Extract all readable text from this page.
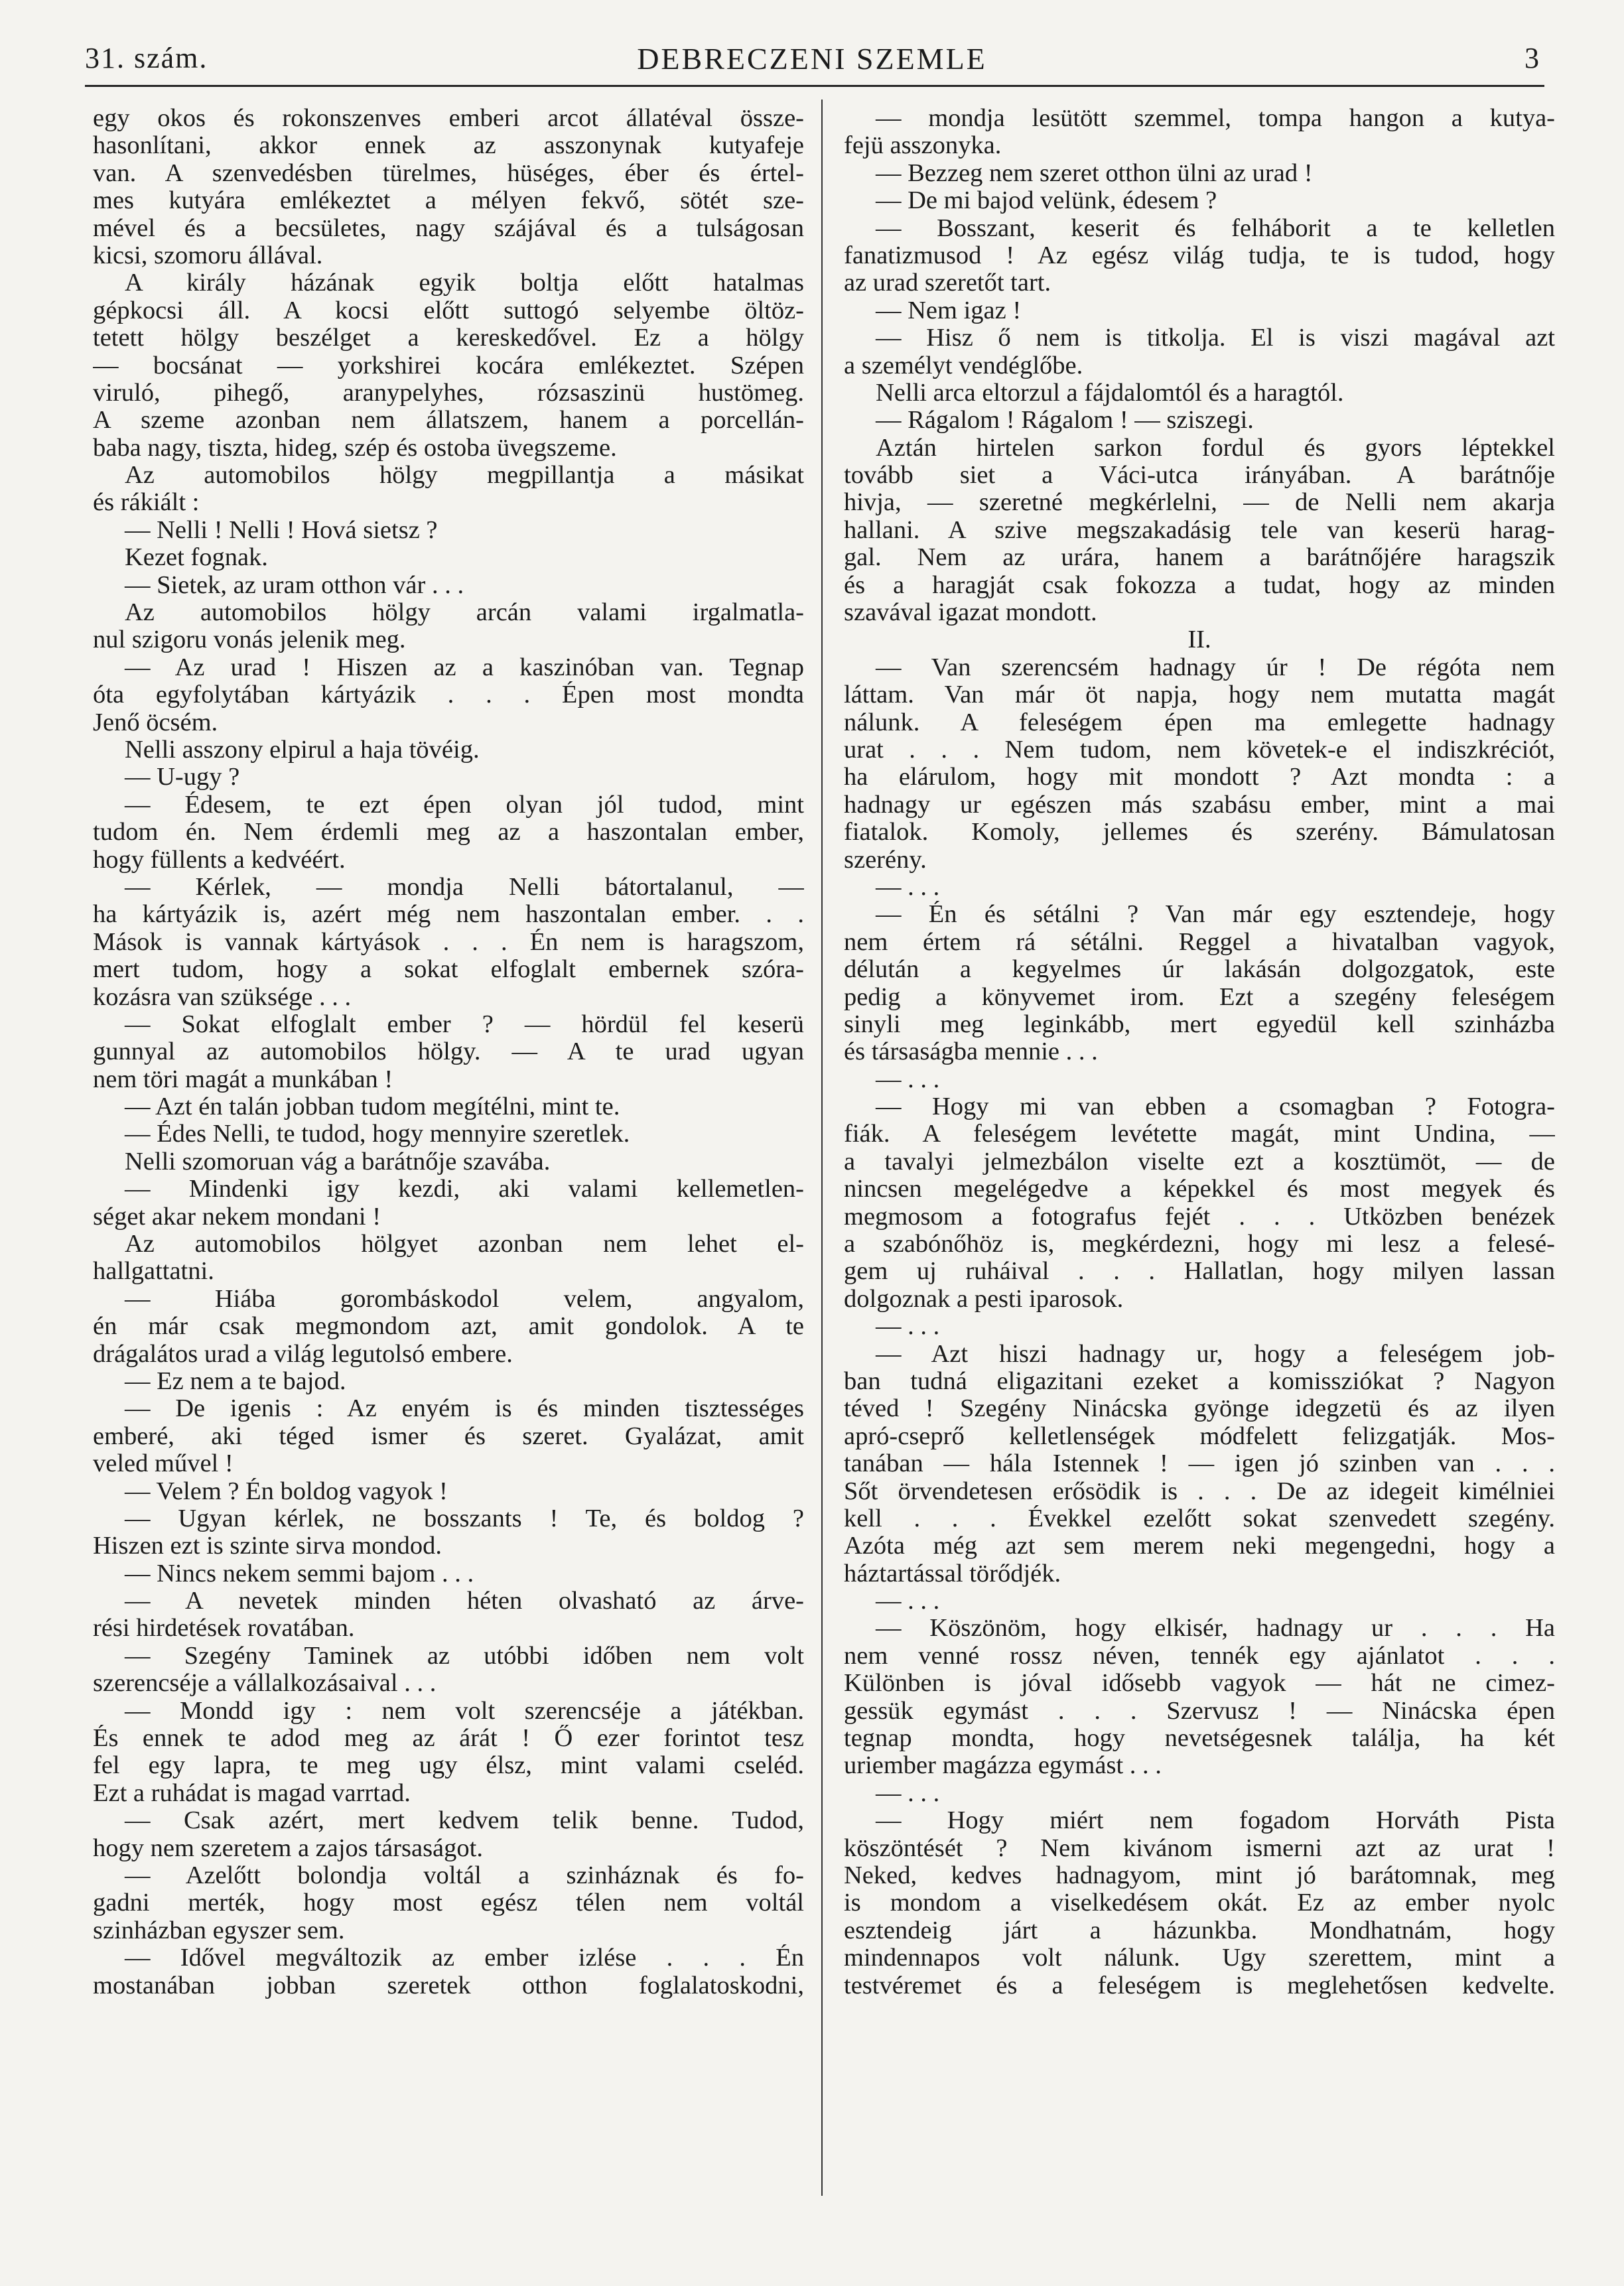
31. szám.	DEBRECZENI SZEMLE	3
egy okos és rokonszenves emberi arcot állatéval össze-
hasonlítani, akkor ennek az asszonynak kutyafeje
van. A szenvedésben türelmes, hüséges, éber és értel-
mes kutyára emlékeztet a mélyen fekvő, sötét sze-
mével és a becsületes, nagy szájával és a tulságosan
kicsi, szomoru állával.
A király házának egyik boltja előtt hatalmas
gépkocsi áll. A kocsi előtt suttogó selyembe öltöz-
tetett hölgy beszélget a kereskedővel. Ez a hölgy
— bocsánat — yorkshirei kocára emlékeztet. Szépen
viruló, pihegő, aranypelyhes, rózsaszinü hustömeg.
A szeme azonban nem állatszem, hanem a porcellán-
baba nagy, tiszta, hideg, szép és ostoba üvegszeme.
Az automobilos hölgy megpillantja a másikat
és rákiált :
— Nelli ! Nelli ! Hová sietsz ?
Kezet fognak.
— Sietek, az uram otthon vár . . .
Az automobilos hölgy arcán valami irgalmatla-
nul szigoru vonás jelenik meg.
— Az urad ! Hiszen az a kaszinóban van. Tegnap
óta egyfolytában kártyázik . . . Épen most mondta
Jenő öcsém.
Nelli asszony elpirul a haja tövéig.
— U-ugy ?
— Édesem, te ezt épen olyan jól tudod, mint
tudom én. Nem érdemli meg az a haszontalan ember,
hogy füllents a kedvéért.
— Kérlek, — mondja Nelli bátortalanul, —
ha kártyázik is, azért még nem haszontalan ember. . .
Mások is vannak kártyások . . . Én nem is haragszom,
mert tudom, hogy a sokat elfoglalt embernek szóra-
kozásra van szüksége . . .
— Sokat elfoglalt ember ? — hördül fel keserü
gunnyal az automobilos hölgy. — A te urad ugyan
nem töri magát a munkában !
— Azt én talán jobban tudom megítélni, mint te.
— Édes Nelli, te tudod, hogy mennyire szeretlek.
Nelli szomoruan vág a barátnője szavába.
— Mindenki igy kezdi, aki valami kellemetlen-
séget akar nekem mondani !
Az automobilos hölgyet azonban nem lehet el-
hallgattatni.
— Hiába gorombáskodol velem, angyalom,
én már csak megmondom azt, amit gondolok. A te
drágalátos urad a világ legutolsó embere.
— Ez nem a te bajod.
— De igenis : Az enyém is és minden tisztességes
emberé, aki téged ismer és szeret. Gyalázat, amit
veled művel !
— Velem ? Én boldog vagyok !
— Ugyan kérlek, ne bosszants ! Te, és boldog ?
Hiszen ezt is szinte sirva mondod.
— Nincs nekem semmi bajom . . .
— A nevetek minden héten olvasható az árve-
rési hirdetések rovatában.
— Szegény Taminek az utóbbi időben nem volt
szerencséje a vállalkozásaival . . .
— Mondd igy : nem volt szerencséje a játékban.
És ennek te adod meg az árát ! Ő ezer forintot tesz
fel egy lapra, te meg ugy élsz, mint valami cseléd.
Ezt a ruhádat is magad varrtad.
— Csak azért, mert kedvem telik benne. Tudod,
hogy nem szeretem a zajos társaságot.
— Azelőtt bolondja voltál a szinháznak és fo-
gadni merték, hogy most egész télen nem voltál
szinházban egyszer sem.
— Idővel megváltozik az ember izlése . . . Én
mostanában jobban szeretek otthon foglalatoskodni,
— mondja lesütött szemmel, tompa hangon a kutya-
fejü asszonyka.
— Bezzeg nem szeret otthon ülni az urad !
— De mi bajod velünk, édesem ?
— Bosszant, keserit és felháborit a te kelletlen
fanatizmusod ! Az egész világ tudja, te is tudod, hogy
az urad szeretőt tart.
— Nem igaz !
— Hisz ő nem is titkolja. El is viszi magával azt
a személyt vendéglőbe.
Nelli arca eltorzul a fájdalomtól és a haragtól.
— Rágalom ! Rágalom ! — sziszegi.
Aztán hirtelen sarkon fordul és gyors léptekkel
tovább siet a Váci-utca irányában. A barátnője
hivja, — szeretné megkérlelni, — de Nelli nem akarja
hallani. A szive megszakadásig tele van keserü harag-
gal. Nem az urára, hanem a barátnőjére haragszik
és a haragját csak fokozza a tudat, hogy az minden
szavával igazat mondott.
II.
— Van szerencsém hadnagy úr ! De régóta nem
láttam. Van már öt napja, hogy nem mutatta magát
nálunk. A feleségem épen ma emlegette hadnagy
urat . . . Nem tudom, nem követek-e el indiszkréciót,
ha elárulom, hogy mit mondott ? Azt mondta : a
hadnagy ur egészen más szabásu ember, mint a mai
fiatalok. Komoly, jellemes és szerény. Bámulatosan
szerény.
— . . .
— Én és sétálni ? Van már egy esztendeje, hogy
nem értem rá sétálni. Reggel a hivatalban vagyok,
délután a kegyelmes úr lakásán dolgozgatok, este
pedig a könyvemet irom. Ezt a szegény feleségem
sinyli meg leginkább, mert egyedül kell szinházba
és társaságba mennie . . .
— . . .
— Hogy mi van ebben a csomagban ? Fotogra-
fiák. A feleségem levétette magát, mint Undina, —
a tavalyi jelmezbálon viselte ezt a kosztümöt, — de
nincsen megelégedve a képekkel és most megyek és
megmosom a fotografus fejét . . . Utközben benézek
a szabónőhöz is, megkérdezni, hogy mi lesz a felesé-
gem uj ruháival . . . Hallatlan, hogy milyen lassan
dolgoznak a pesti iparosok.
— . . .
— Azt hiszi hadnagy ur, hogy a feleségem job-
ban tudná eligazitani ezeket a komissziókat ? Nagyon
téved ! Szegény Ninácska gyönge idegzetü és az ilyen
apró-cseprő kelletlenségek módfelett felizgatják. Mos-
tanában — hála Istennek ! — igen jó szinben van . . .
Sőt örvendetesen erősödik is . . . De az idegeit kimélniei
kell . . . Évekkel ezelőtt sokat szenvedett szegény.
Azóta még azt sem merem neki megengedni, hogy a
háztartással törődjék.
— . . .
— Köszönöm, hogy elkisér, hadnagy ur . . . Ha
nem venné rossz néven, tennék egy ajánlatot . . .
Különben is jóval idősebb vagyok — hát ne cimez-
gessük egymást . . . Szervusz ! — Ninácska épen
tegnap mondta, hogy nevetségesnek találja, ha két
uriember magázza egymást . . .
— . . .
— Hogy miért nem fogadom Horváth Pista
köszöntését ? Nem kivánom ismerni azt az urat !
Neked, kedves hadnagyom, mint jó barátomnak, meg
is mondom a viselkedésem okát. Ez az ember nyolc
esztendeig járt a házunkba. Mondhatnám, hogy
mindennapos volt nálunk. Ugy szerettem, mint a
testvéremet és a feleségem is meglehetősen kedvelte.
